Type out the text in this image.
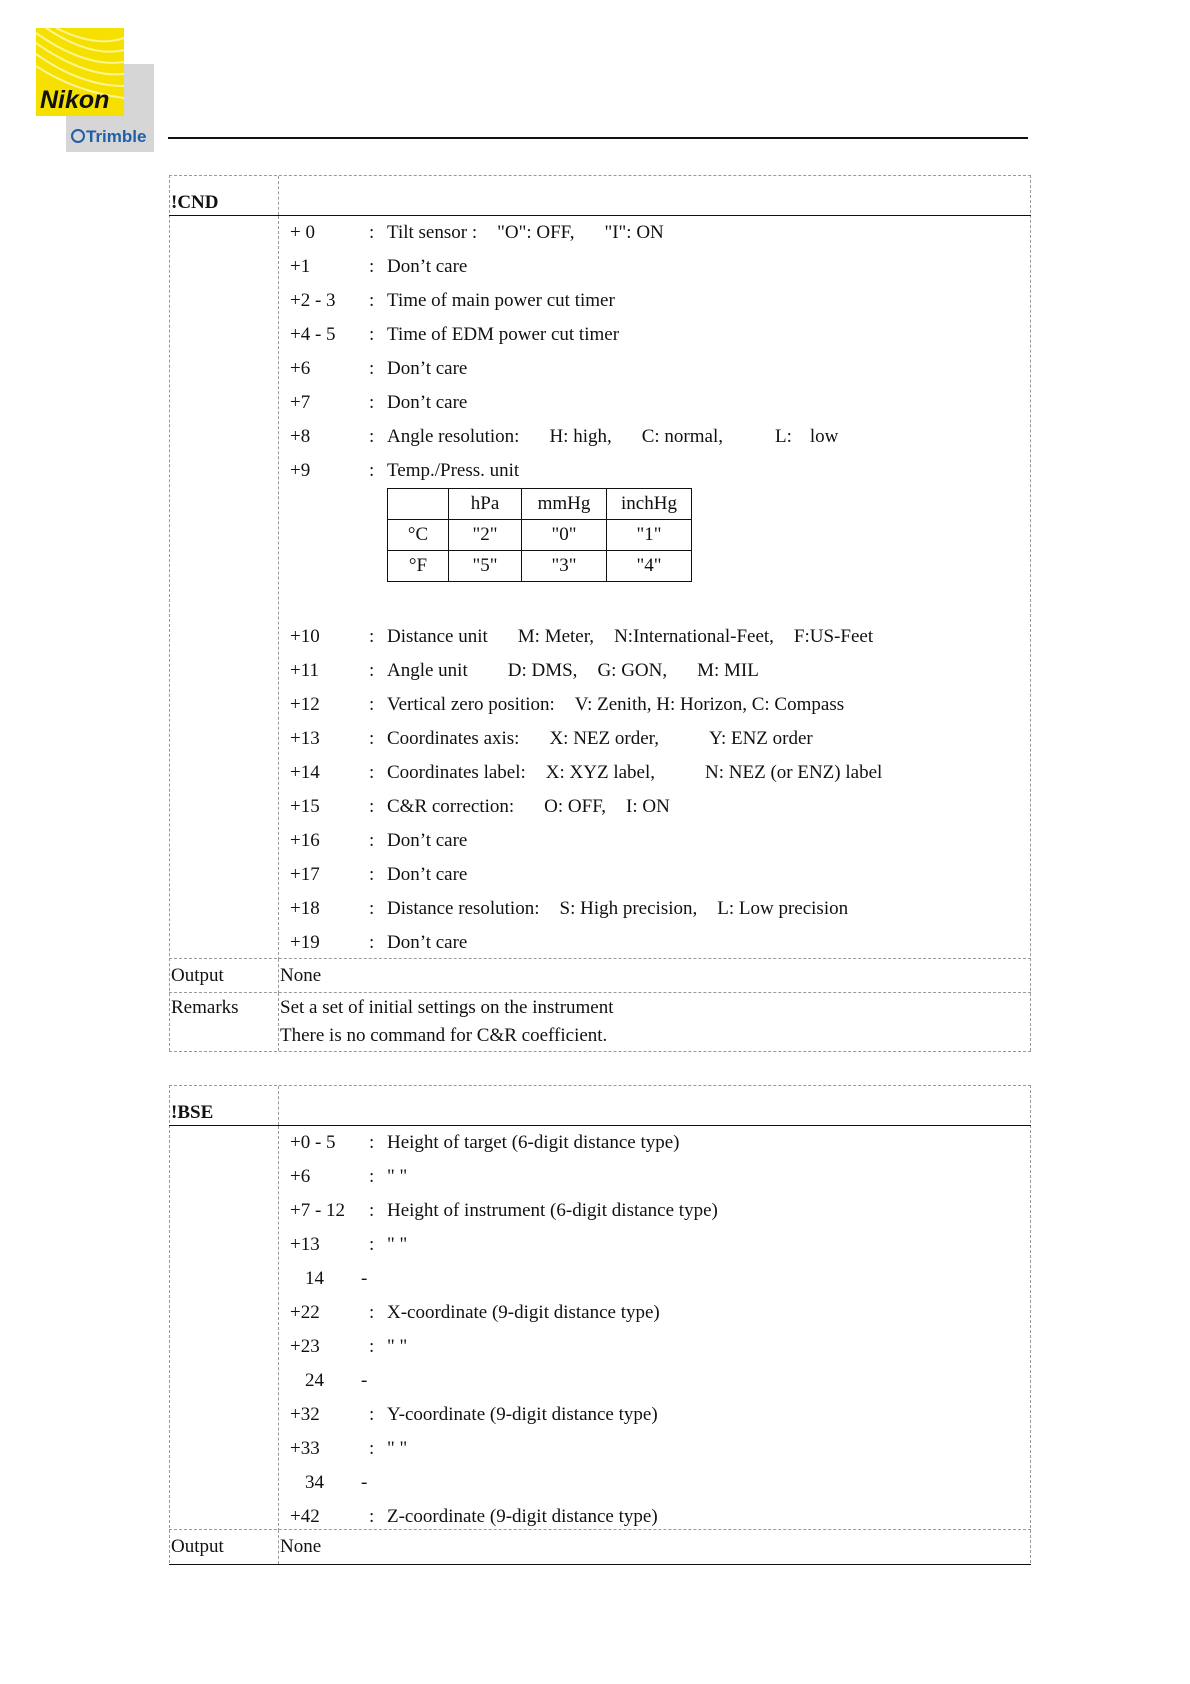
Nikon
Trimble
!CND
+ 0	: Tilt sensor : "O": OFF, "I": ON
+1	: Don’t care
+2 - 3 : Time of main power cut timer
+4 - 5 : Time of EDM power cut timer
+6	: Don’t care
+7	: Don’t care
+8	: Angle resolution: H: high, C: normal,	L: low
+9	: Temp./Press. unit
	hPa	mmHg	inchHg
°C	"2"	"0"	"1"
°F	"5"	"3"	"4"
+10	: Distance unit M: Meter, N:International-Feet, F:US-Feet
+11	: Angle unit D: DMS, G: GON, M: MIL
+12	: Vertical zero position: V: Zenith, H: Horizon, C: Compass
+13	: Coordinates axis: X: NEZ order,	Y: ENZ order
+14	: Coordinates label: X: XYZ label,	N: NEZ (or ENZ) label
+15	: C&R correction: O: OFF, I: ON
+16	: Don’t care
+17	: Don’t care
+18	: Distance resolution: S: High precision, L: Low precision
+19	: Don’t care
Output	None
Remarks Set a set of initial settings on the instrument
There is no command for C&R coefficient.
!BSE
+0 - 5 : Height of target (6-digit distance type)
+6	: " "
+7 - 12 : Height of instrument (6-digit distance type)
+13	: " "
14 -
+22	: X-coordinate (9-digit distance type)
+23	: " "
24 -
+32	: Y-coordinate (9-digit distance type)
+33	: " "
34 -
+42	: Z-coordinate (9-digit distance type)
Output	None
